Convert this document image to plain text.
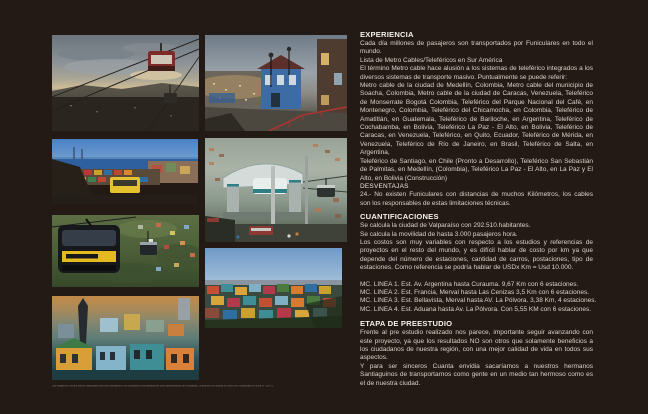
Las imágenes y textos fueron elaborados con fines ilustrativos y no constituyen necesariamente una representación de la realidad. Lo anterior se informa en virtud de lo dispuesto en la ley N° 19.472.
EXPERIENCIA

Cada día millones de pasajeros son transportados por Funiculares en todo el mundo.

Lista de Metro Cables/Teleféricos en Sur América

El término Metro cable hace alusión a los sistemas de teleférico integrados a los diversos sistemas de transporte masivo. Puntualmente se puede referir:

Metro cable de la ciudad de Medellín, Colombia, Metro cable del municipio de Soacha, Colombia, Metro cable de la ciudad de Caracas, Venezuela, Teleférico de Monserrate Bogotá Colombia, Teleférico del Parque Nacional del Café, en Montenegro, Colombia, Teleférico del Chicamocha, en Colombia, Teleférico de Amatitlán, en Guatemala, Teleférico de Bariloche, en Argentina, Teleférico de Cochabamba, en Bolivia, Teleférico La Paz - El Alto, en Bolivia, Teleférico de Caracas, en Venezuela, Teleférico, en Quito, Ecuador, Teleférico de Mérida, en Venezuela, Teleférico de Río de Janeiro, en Brasil, Teleférico de Salta, en Argentina,

Teleférico de Santiago, en Chile (Pronto a Desarrollo), Teleférico San Sebastián de Palmitas, en Medellín, (Colombia), Teleférico La Paz - El Alto, en La Paz y El Alto, en Bolivia (Construcción)

DESVENTAJAS

24.- No existen Funiculares con distancias de muchos Kilómetros, los cables son los responsables de estas limitaciones técnicas.

CUANTIFICACIONES

Se calcula la ciudad de Valparaíso con 292.510.habitantes.

Se calcula la movilidad de hasta 3.000 pasajeros hora.

Los costos son muy variables con respecto a los estudios y referencias de proyectos en el resto del mundo, y es difícil hablar de costo por km ya que depende del número de estaciones, cantidad de carros, postaciones, tipo de estaciones. Como referencia se podría hablar de USDx Km = Usd 10.000.

MC. LINEA 1. Est. Av. Argentina hasta Curauma. 9,67 Km con 6 estaciones.
MC. LINEA 2. Est. Francia, Merval hasta Las Cenizas 3,5 Km con 6 estaciones.
MC. LINEA 3. Est. Bellavista, Merval hasta AV. La Pólvora. 3,38 Km, 4 estaciones.
MC. LINEA 4. Est. Aduana hasta Av. La Pólvora. Con 5,55 KM con 6 estaciones.
ETAPA DE PREESTUDIO

Frente al pre estudio realizado nos parece, importante seguir avanzando con este proyecto, ya que los resultados NO son otros que solamente beneficios a los ciudadanos de nuestra región, con una mejor calidad de vida en todos sus aspectos.

Y para ser sinceros Cuanta envidia sacaríamos a nuestros hermanos Santiaguinos de transportarnos como gente en un medio tan hermoso como es el de nuestra ciudad.
